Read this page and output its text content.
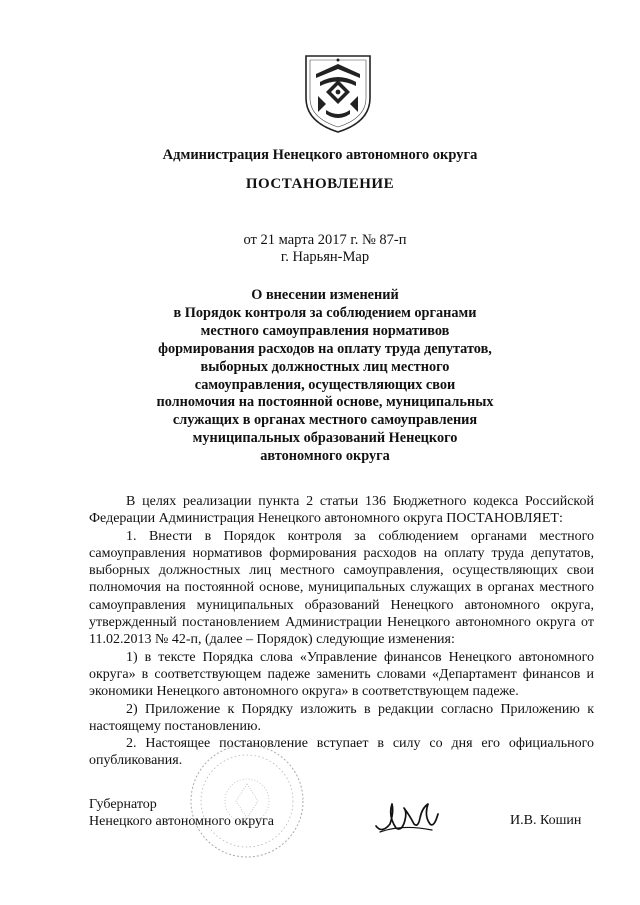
Администрация Ненецкого автономного округа
ПОСТАНОВЛЕНИЕ
от 21 марта 2017 г. № 87-п
г. Нарьян-Мар
О внесении изменений
в Порядок контроля за соблюдением органами
местного самоуправления нормативов
формирования расходов на оплату труда депутатов,
выборных должностных лиц местного
самоуправления, осуществляющих свои
полномочия на постоянной основе, муниципальных
служащих в органах местного самоуправления
муниципальных образований Ненецкого
автономного округа

В целях реализации пункта 2 статьи 136 Бюджетного кодекса Российской Федерации Администрация Ненецкого автономного округа ПОСТАНОВЛЯЕТ:

1. Внести в Порядок контроля за соблюдением органами местного самоуправления нормативов формирования расходов на оплату труда депутатов, выборных должностных лиц местного самоуправления, осуществляющих свои полномочия на постоянной основе, муниципальных служащих в органах местного самоуправления муниципальных образований Ненецкого автономного округа, утвержденный постановлением Администрации Ненецкого автономного округа от 11.02.2013 № 42-п, (далее – Порядок) следующие изменения:

1) в тексте Порядка слова «Управление финансов Ненецкого автономного округа» в соответствующем падеже заменить словами «Департамент финансов и экономики Ненецкого автономного округа» в соответствующем падеже.

2) Приложение к Порядку изложить в редакции согласно Приложению к настоящему постановлению.

2. Настоящее постановление вступает в силу со дня его официального опубликования.

Губернатор
Ненецкого автономного округа	И.В. Кошин
